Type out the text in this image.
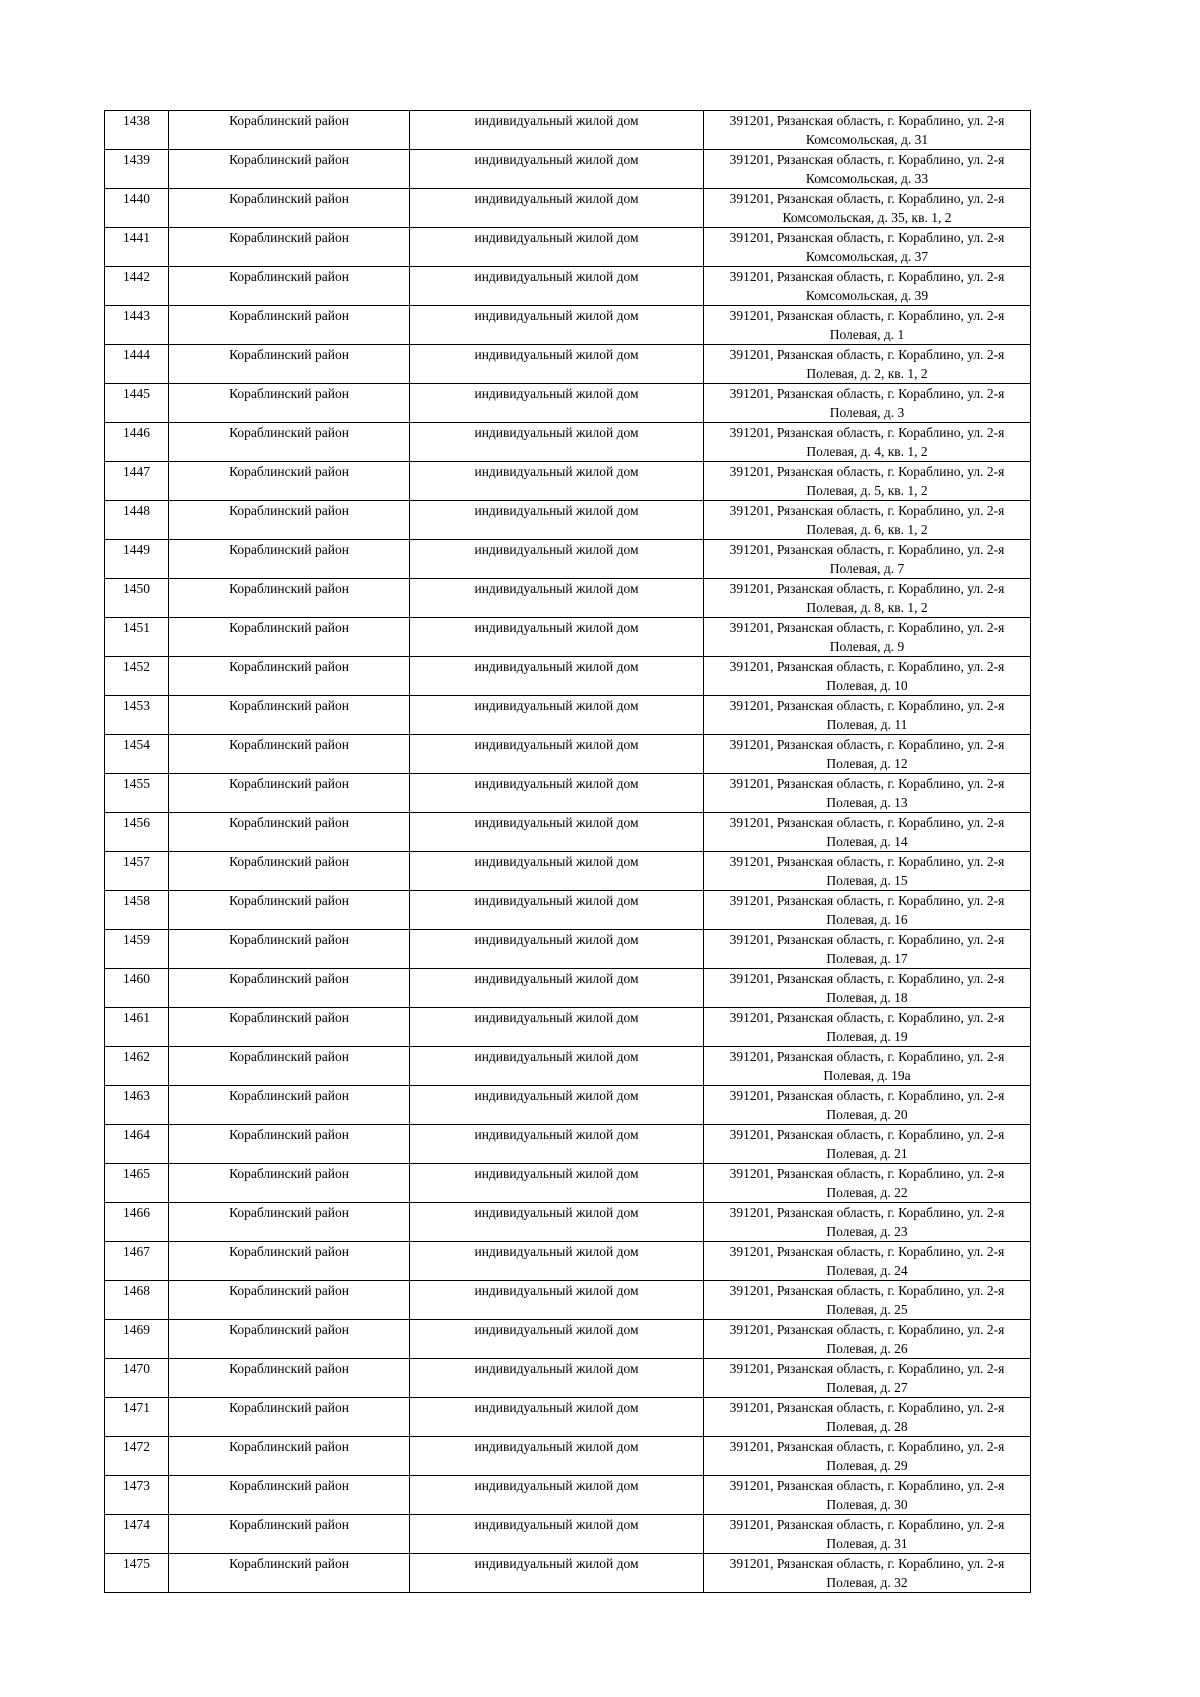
1438	Кораблинский район	индивидуальный жилой дом	391201, Рязанская область, г. Кораблино, ул. 2-я Комсомольская, д. 31
1439	Кораблинский район	индивидуальный жилой дом	391201, Рязанская область, г. Кораблино, ул. 2-я Комсомольская, д. 33
1440	Кораблинский район	индивидуальный жилой дом	391201, Рязанская область, г. Кораблино, ул. 2-я Комсомольская, д. 35, кв. 1, 2
1441	Кораблинский район	индивидуальный жилой дом	391201, Рязанская область, г. Кораблино, ул. 2-я Комсомольская, д. 37
1442	Кораблинский район	индивидуальный жилой дом	391201, Рязанская область, г. Кораблино, ул. 2-я Комсомольская, д. 39
1443	Кораблинский район	индивидуальный жилой дом	391201, Рязанская область, г. Кораблино, ул. 2-я Полевая, д. 1
1444	Кораблинский район	индивидуальный жилой дом	391201, Рязанская область, г. Кораблино, ул. 2-я Полевая, д. 2, кв. 1, 2
1445	Кораблинский район	индивидуальный жилой дом	391201, Рязанская область, г. Кораблино, ул. 2-я Полевая, д. 3
1446	Кораблинский район	индивидуальный жилой дом	391201, Рязанская область, г. Кораблино, ул. 2-я Полевая, д. 4, кв. 1, 2
1447	Кораблинский район	индивидуальный жилой дом	391201, Рязанская область, г. Кораблино, ул. 2-я Полевая, д. 5, кв. 1, 2
1448	Кораблинский район	индивидуальный жилой дом	391201, Рязанская область, г. Кораблино, ул. 2-я Полевая, д. 6, кв. 1, 2
1449	Кораблинский район	индивидуальный жилой дом	391201, Рязанская область, г. Кораблино, ул. 2-я Полевая, д. 7
1450	Кораблинский район	индивидуальный жилой дом	391201, Рязанская область, г. Кораблино, ул. 2-я Полевая, д. 8, кв. 1, 2
1451	Кораблинский район	индивидуальный жилой дом	391201, Рязанская область, г. Кораблино, ул. 2-я Полевая, д. 9
1452	Кораблинский район	индивидуальный жилой дом	391201, Рязанская область, г. Кораблино, ул. 2-я Полевая, д. 10
1453	Кораблинский район	индивидуальный жилой дом	391201, Рязанская область, г. Кораблино, ул. 2-я Полевая, д. 11
1454	Кораблинский район	индивидуальный жилой дом	391201, Рязанская область, г. Кораблино, ул. 2-я Полевая, д. 12
1455	Кораблинский район	индивидуальный жилой дом	391201, Рязанская область, г. Кораблино, ул. 2-я Полевая, д. 13
1456	Кораблинский район	индивидуальный жилой дом	391201, Рязанская область, г. Кораблино, ул. 2-я Полевая, д. 14
1457	Кораблинский район	индивидуальный жилой дом	391201, Рязанская область, г. Кораблино, ул. 2-я Полевая, д. 15
1458	Кораблинский район	индивидуальный жилой дом	391201, Рязанская область, г. Кораблино, ул. 2-я Полевая, д. 16
1459	Кораблинский район	индивидуальный жилой дом	391201, Рязанская область, г. Кораблино, ул. 2-я Полевая, д. 17
1460	Кораблинский район	индивидуальный жилой дом	391201, Рязанская область, г. Кораблино, ул. 2-я Полевая, д. 18
1461	Кораблинский район	индивидуальный жилой дом	391201, Рязанская область, г. Кораблино, ул. 2-я Полевая, д. 19
1462	Кораблинский район	индивидуальный жилой дом	391201, Рязанская область, г. Кораблино, ул. 2-я Полевая, д. 19а
1463	Кораблинский район	индивидуальный жилой дом	391201, Рязанская область, г. Кораблино, ул. 2-я Полевая, д. 20
1464	Кораблинский район	индивидуальный жилой дом	391201, Рязанская область, г. Кораблино, ул. 2-я Полевая, д. 21
1465	Кораблинский район	индивидуальный жилой дом	391201, Рязанская область, г. Кораблино, ул. 2-я Полевая, д. 22
1466	Кораблинский район	индивидуальный жилой дом	391201, Рязанская область, г. Кораблино, ул. 2-я Полевая, д. 23
1467	Кораблинский район	индивидуальный жилой дом	391201, Рязанская область, г. Кораблино, ул. 2-я Полевая, д. 24
1468	Кораблинский район	индивидуальный жилой дом	391201, Рязанская область, г. Кораблино, ул. 2-я Полевая, д. 25
1469	Кораблинский район	индивидуальный жилой дом	391201, Рязанская область, г. Кораблино, ул. 2-я Полевая, д. 26
1470	Кораблинский район	индивидуальный жилой дом	391201, Рязанская область, г. Кораблино, ул. 2-я Полевая, д. 27
1471	Кораблинский район	индивидуальный жилой дом	391201, Рязанская область, г. Кораблино, ул. 2-я Полевая, д. 28
1472	Кораблинский район	индивидуальный жилой дом	391201, Рязанская область, г. Кораблино, ул. 2-я Полевая, д. 29
1473	Кораблинский район	индивидуальный жилой дом	391201, Рязанская область, г. Кораблино, ул. 2-я Полевая, д. 30
1474	Кораблинский район	индивидуальный жилой дом	391201, Рязанская область, г. Кораблино, ул. 2-я Полевая, д. 31
1475	Кораблинский район	индивидуальный жилой дом	391201, Рязанская область, г. Кораблино, ул. 2-я Полевая, д. 32
